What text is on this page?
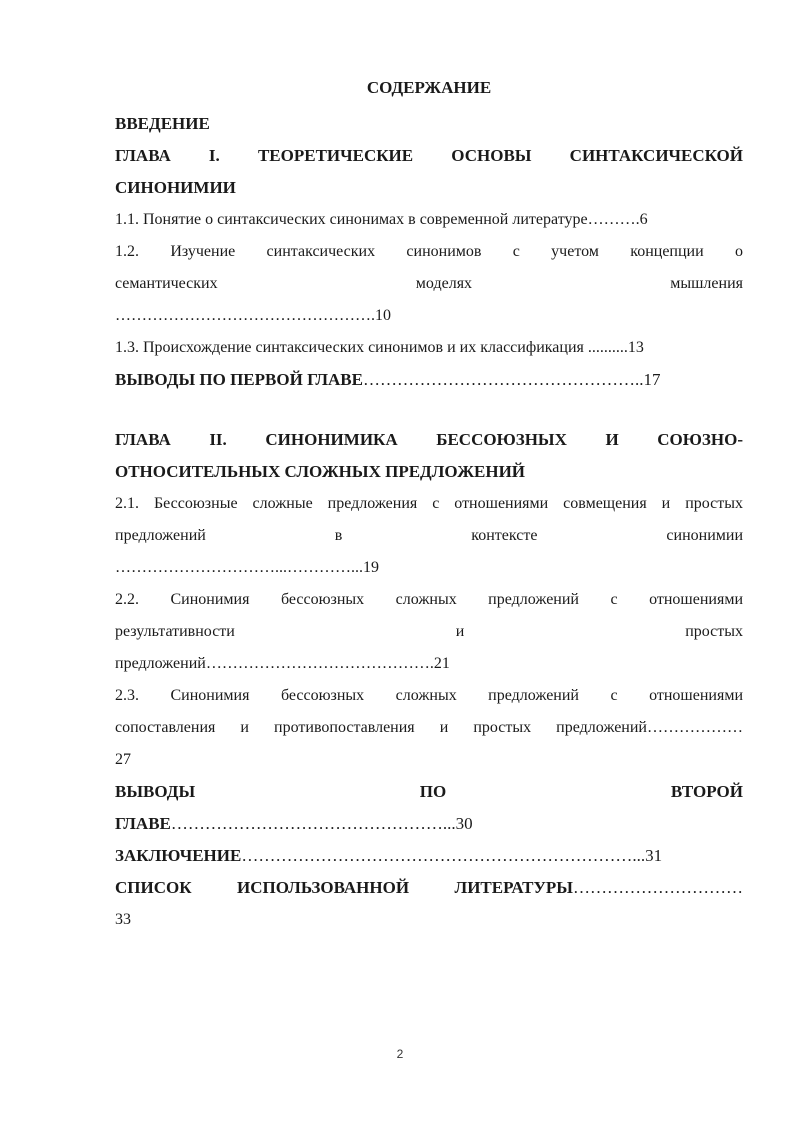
СОДЕРЖАНИЕ
ВВЕДЕНИЕ
ГЛАВА I. ТЕОРЕТИЧЕСКИЕ ОСНОВЫ СИНТАКСИЧЕСКОЙ
СИНОНИМИИ
1.1. Понятие о синтаксических синонимах в современной литературе……….6
1.2. Изучение синтаксических синонимов с учетом концепции о
семантических моделях мышления
………………………………………….10
1.3. Происхождение синтаксических синонимов и их классификация ..........13
ВЫВОДЫ ПО ПЕРВОЙ ГЛАВЕ…………………………………………..17
ГЛАВА II. СИНОНИМИКА БЕССОЮЗНЫХ И СОЮЗНО-
ОТНОСИТЕЛЬНЫХ СЛОЖНЫХ ПРЕДЛОЖЕНИЙ
2.1. Бессоюзные сложные предложения с отношениями совмещения и простых
предложений в контексте синонимии
…………………………...…………...19
2.2. Синонимия бессоюзных сложных предложений с отношениями
результативности и простых
предложений…………………………………….21
2.3. Синонимия бессоюзных сложных предложений с отношениями
сопоставления и противопоставления и простых предложений………………
27
ВЫВОДЫ ПО ВТОРОЙ
ГЛАВЕ…………………………………………...30
ЗАКЛЮЧЕНИЕ……………………………………………………………...31
СПИСОК ИСПОЛЬЗОВАННОЙ ЛИТЕРАТУРЫ…………………………
33
2
